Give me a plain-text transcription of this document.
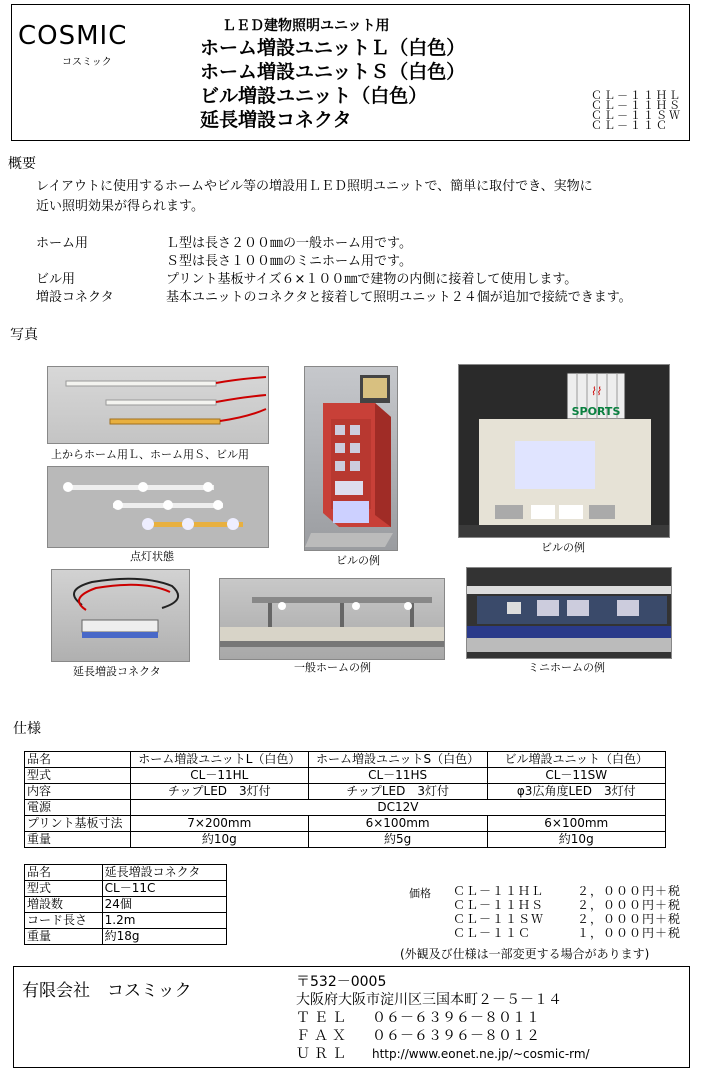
COSMIC
コスミック
ＬＥＤ建物照明ユニット用
ホーム増設ユニットＬ（白色）
ホーム増設ユニットＳ（白色）
ビル増設ユニット（白色）
延長増設コネクタ
ＣＬ－１１ＨＬ
ＣＬ－１１ＨＳ
ＣＬ－１１ＳＷ
ＣＬ－１１Ｃ
概要
レイアウトに使用するホームやビル等の増設用ＬＥＤ照明ユニットで、簡単に取付でき、実物に
近い照明効果が得られます。
ホーム用	Ｌ型は長さ２００㎜の一般ホーム用です。
Ｓ型は長さ１００㎜のミニホーム用です。
ビル用	プリント基板サイズ６×１００㎜で建物の内側に接着して使用します。
増設コネクタ	基本ユニットのコネクタと接着して照明ユニット２４個が追加で接続できます。
写真
上からホーム用Ｌ、ホーム用Ｓ、ビル用
点灯状態	ビルの例
⌇⌇
SPORTS
ビルの例
延長増設コネクタ	一般ホームの例	ミニホームの例
仕様
品名	ホーム増設ユニットL（白色）	ホーム増設ユニットS（白色）	ビル増設ユニット（白色）
型式	CL－11HL	CL－11HS	CL－11SW
内容	チップLED　3灯付	チップLED　3灯付	φ3広角度LED　3灯付
電源	DC12V		
プリント基板寸法	7×200mm	6×100mm	6×100mm
重量	約10g	約5g	約10g
品名	延長増設コネクタ
型式	CL－11C
増設数	24個
コード長さ	1.2m
重量	約18g
価格 ＣＬ－１１ＨＬ	２，０００円＋税
ＣＬ－１１ＨＳ	２，０００円＋税
ＣＬ－１１ＳＷ	２，０００円＋税
ＣＬ－１１Ｃ	１，０００円＋税
(外観及び仕様は一部変更する場合があります)
有限会社　コスミック	〒532－0005
大阪府大阪市淀川区三国本町２－５－１４
ＴＥＬ ０６－６３９６－８０１１
ＦＡＸ ０６－６３９６－８０１２
ＵＲＬ http://www.eonet.ne.jp/~cosmic-rm/
